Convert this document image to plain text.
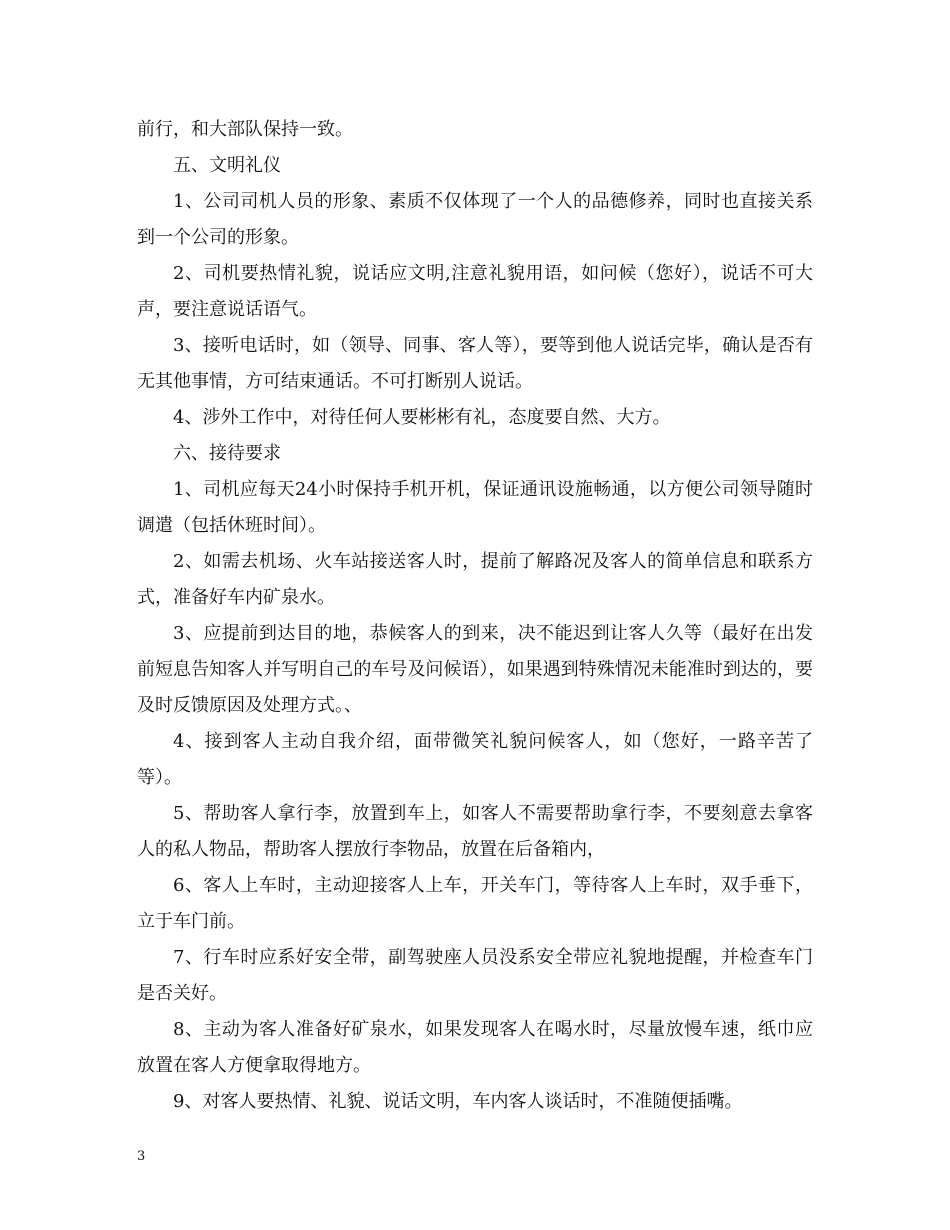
前行，和大部队保持一致。

五、文明礼仪

1、公司司机人员的形象、素质不仅体现了一个人的品德修养，同时也直接关系到一个公司的形象。

2、司机要热情礼貌，说话应文明,注意礼貌用语，如问候（您好），说话不可大声，要注意说话语气。

3、接听电话时，如（领导、同事、客人等），要等到他人说话完毕，确认是否有无其他事情，方可结束通话。不可打断别人说话。

4、涉外工作中，对待任何人要彬彬有礼，态度要自然、大方。

六、接待要求

1、司机应每天24小时保持手机开机，保证通讯设施畅通，以方便公司领导随时调遣（包括休班时间）。

2、如需去机场、火车站接送客人时，提前了解路况及客人的简单信息和联系方式，准备好车内矿泉水。

3、应提前到达目的地，恭候客人的到来，决不能迟到让客人久等（最好在出发前短息告知客人并写明自己的车号及问候语），如果遇到特殊情况未能准时到达的，要及时反馈原因及处理方式。、

4、接到客人主动自我介绍，面带微笑礼貌问候客人，如（您好，一路辛苦了等）。

5、帮助客人拿行李，放置到车上，如客人不需要帮助拿行李，不要刻意去拿客人的私人物品，帮助客人摆放行李物品，放置在后备箱内，

6、客人上车时，主动迎接客人上车，开关车门，等待客人上车时，双手垂下，立于车门前。

7、行车时应系好安全带，副驾驶座人员没系安全带应礼貌地提醒，并检查车门是否关好。

8、主动为客人准备好矿泉水，如果发现客人在喝水时，尽量放慢车速，纸巾应放置在客人方便拿取得地方。

9、对客人要热情、礼貌、说话文明，车内客人谈话时，不准随便插嘴。

3
